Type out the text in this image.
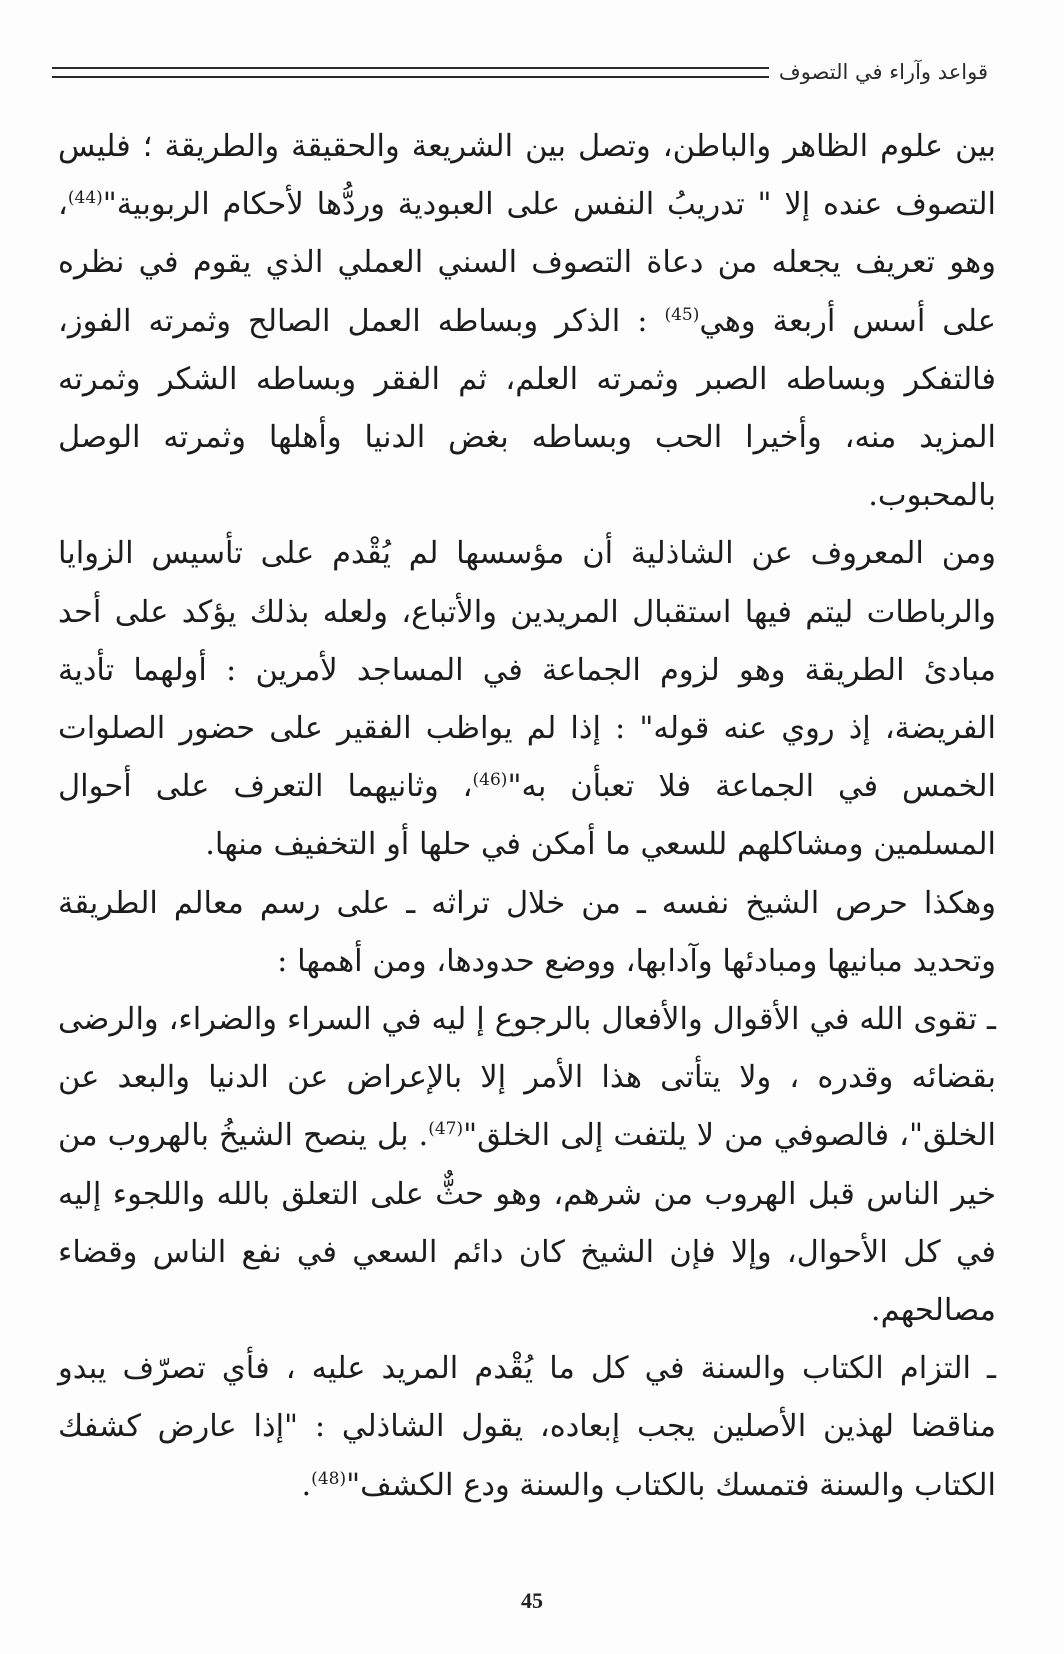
قواعد وآراء في التصوف

بين علوم الظاهر والباطن، وتصل بين الشريعة والحقيقة والطريقة ؛ فليس التصوف عنده إلا " تدريبُ النفس على العبودية وردُّها لأحكام الربوبية"$^{(44)}$، وهو تعريف يجعله من دعاة التصوف السني العملي الذي يقوم في نظره على أسس أربعة وهي$^{(45)}$ : الذكر وبساطه العمل الصالح وثمرته الفوز، فالتفكر وبساطه الصبر وثمرته العلم، ثم الفقر وبساطه الشكر وثمرته المزيد منه، وأخيرا الحب وبساطه بغض الدنيا وأهلها وثمرته الوصل بالمحبوب.

ومن المعروف عن الشاذلية أن مؤسسها لم يُقْدم على تأسيس الزوايا والرباطات ليتم فيها استقبال المريدين والأتباع، ولعله بذلك يؤكد على أحد مبادئ الطريقة وهو لزوم الجماعة في المساجد لأمرين : أولهما تأدية الفريضة، إذ روي عنه قوله" : إذا لم يواظب الفقير على حضور الصلوات الخمس في الجماعة فلا تعبأن به"$^{(46)}$، وثانيهما التعرف على أحوال المسلمين ومشاكلهم للسعي ما أمكن في حلها أو التخفيف منها.

وهكذا حرص الشيخ نفسه ـ من خلال تراثه ـ على رسم معالم الطريقة وتحديد مبانيها ومبادئها وآدابها، ووضع حدودها، ومن أهمها :

ـ تقوى الله في الأقوال والأفعال بالرجوع إ ليه في السراء والضراء، والرضى بقضائه وقدره ، ولا يتأتى هذا الأمر إلا بالإعراض عن الدنيا والبعد عن الخلق"، فالصوفي من لا يلتفت إلى الخلق"$^{(47)}$. بل ينصح الشيخُ بالهروب من خير الناس قبل الهروب من شرهم، وهو حثٌّ على التعلق بالله واللجوء إليه في كل الأحوال، وإلا فإن الشيخ كان دائم السعي في نفع الناس وقضاء مصالحهم.

ـ التزام الكتاب والسنة في كل ما يُقْدم المريد عليه ، فأي تصرّف يبدو مناقضا لهذين الأصلين يجب إبعاده، يقول الشاذلي : "إذا عارض كشفك الكتاب والسنة فتمسك بالكتاب والسنة ودع الكشف"$^{(48)}$.

45
